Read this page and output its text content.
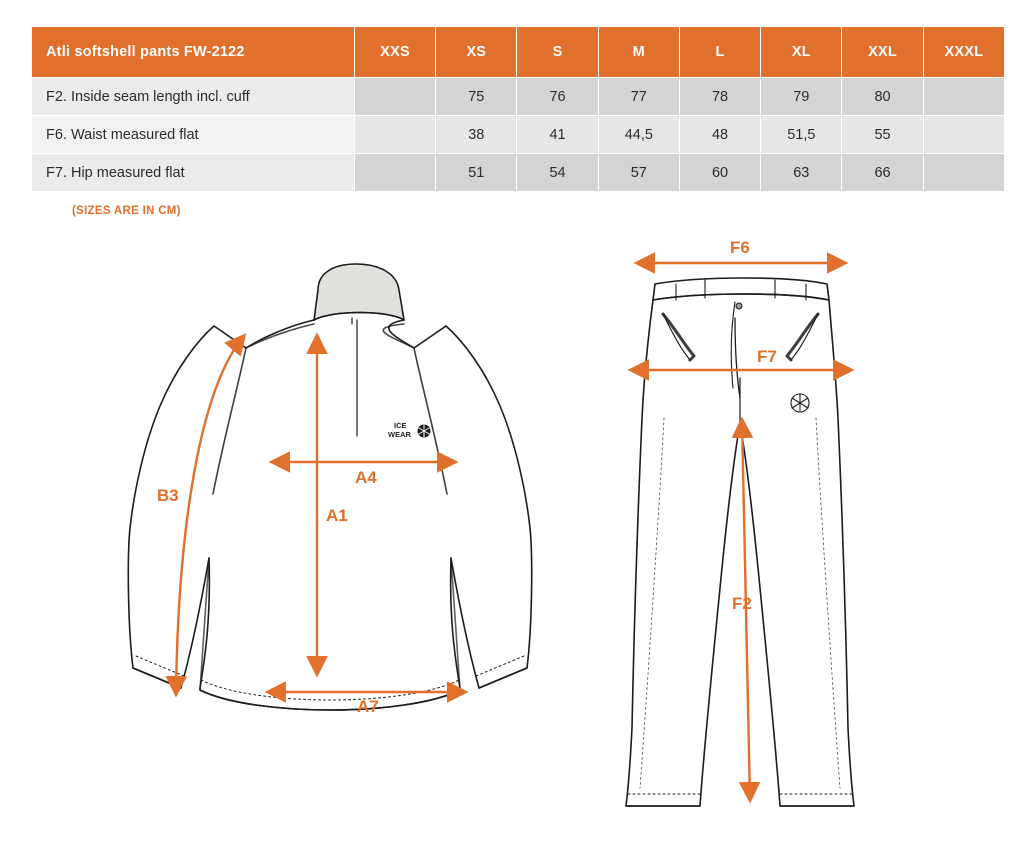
Atli softshell pants FW-2122	XXS	XS	S	M	L	XL	XXL	XXXL
F2. Inside seam length incl. cuff		75	76	77	78	79	80	
F6. Waist measured flat		38	41	44,5	48	51,5	55	
F7. Hip measured flat		51	54	57	60	63	66	
(SIZES ARE IN CM)
ICE
WEAR
B3
A4
A1
A7
F6
F7
F2
